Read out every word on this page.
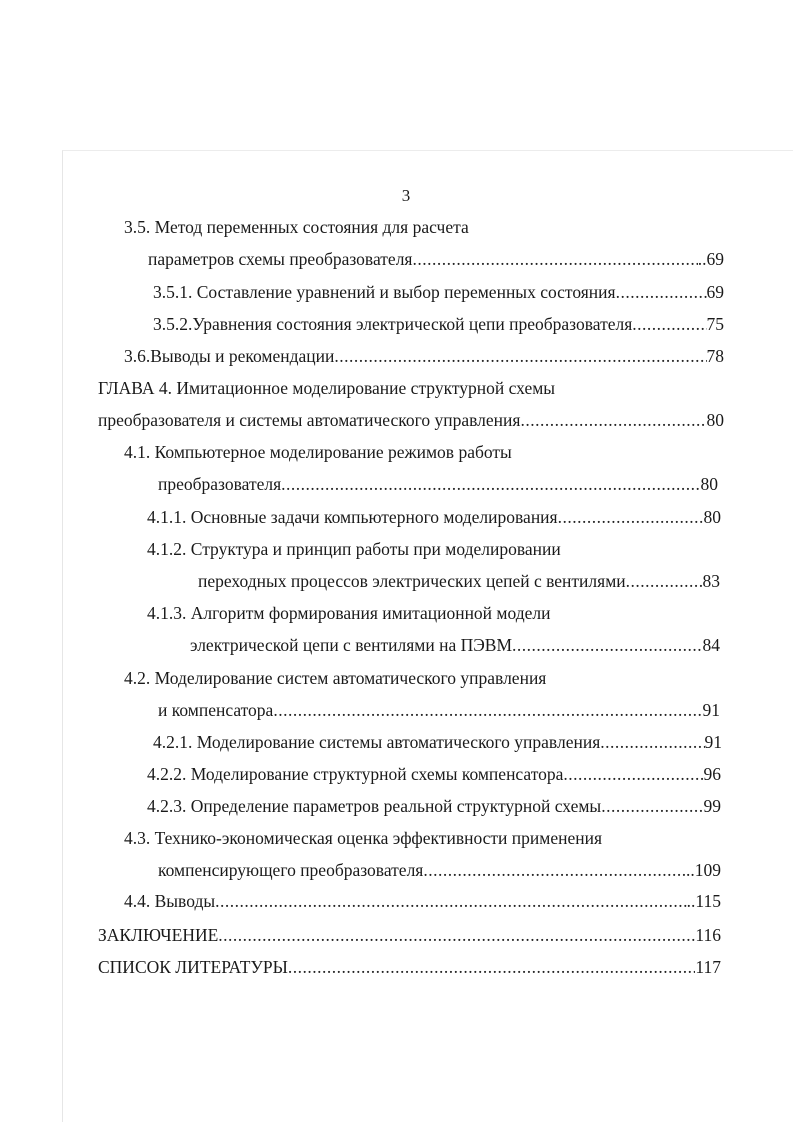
3
3.5. Метод переменных состояния для расчета
параметров схемы преобразователя .....	..69
3.5.1. Составление уравнений и выбор переменных состояния .....	69
3.5.2.Уравнения состояния электрической цепи преобразователя .....	75
3.6.Выводы и рекомендации .....	78
ГЛАВА 4. Имитационное моделирование структурной схемы
преобразователя и системы автоматического управления .....	80
4.1. Компьютерное моделирование режимов работы
преобразователя .....	80
4.1.1. Основные задачи компьютерного моделирования .....	80
4.1.2. Структура и принцип работы при моделировании
переходных процессов электрических цепей с вентилями .....	83
4.1.3. Алгоритм формирования имитационной модели
электрической цепи с вентилями на ПЭВМ .....	84
4.2. Моделирование систем автоматического управления
и компенсатора .....	91
4.2.1. Моделирование системы автоматического управления .....	91
4.2.2. Моделирование структурной схемы компенсатора .....	96
4.2.3. Определение параметров реальной структурной схемы .....	99
4.3. Технико-экономическая оценка эффективности применения
компенсирующего преобразователя .....	..109
4.4. Выводы .....	..115
ЗАКЛЮЧЕНИЕ .....	116
СПИСОК ЛИТЕРАТУРЫ .....	117
